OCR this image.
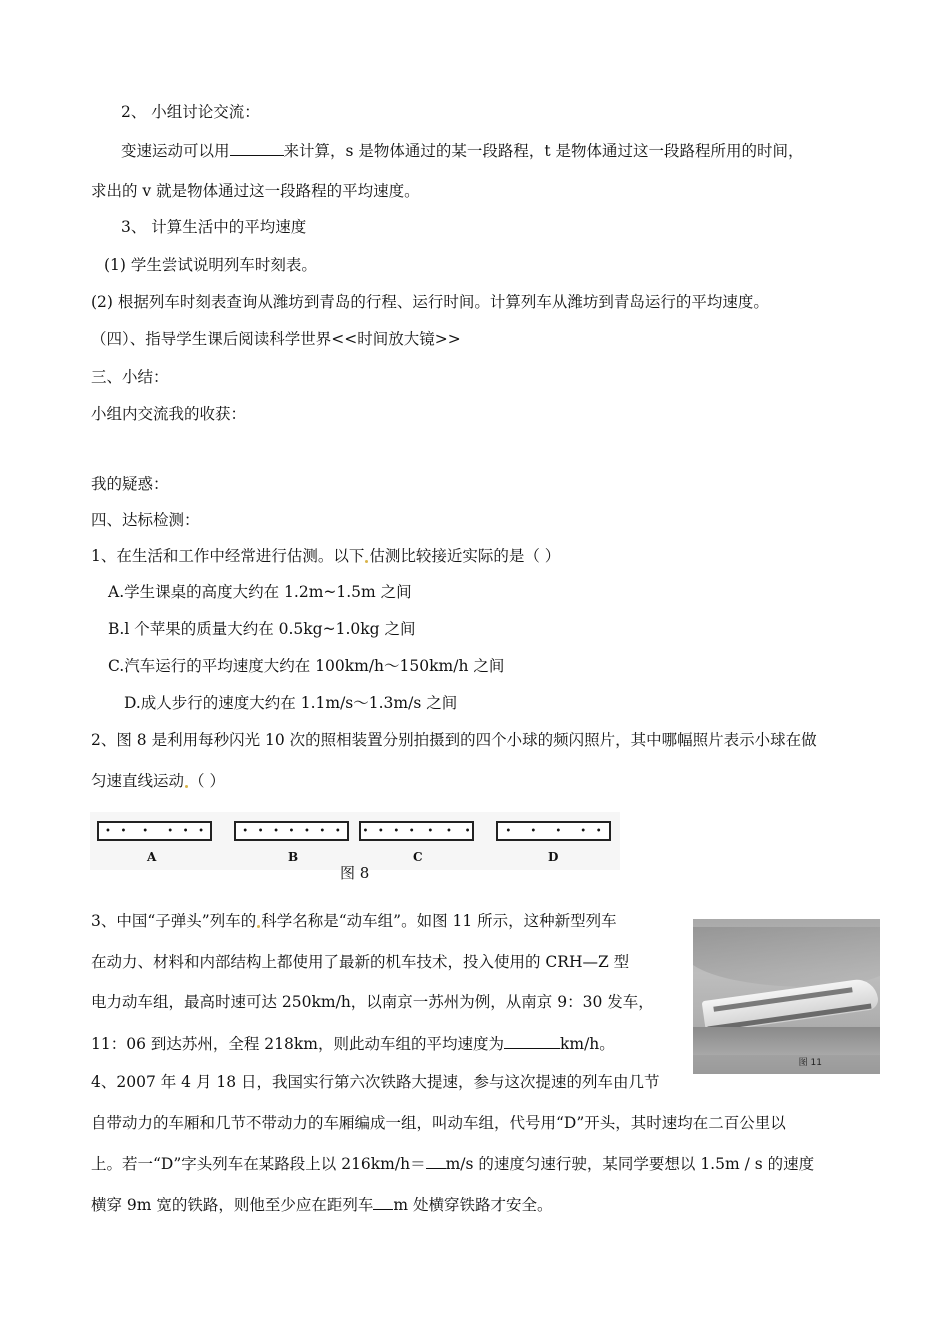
2、 小组讨论交流：
变速运动可以用	来计算，s 是物体通过的某一段路程，t 是物体通过这一段路程所用的时间，
求出的 v 就是物体通过这一段路程的平均速度。
3、 计算生活中的平均速度
(1) 学生尝试说明列车时刻表。
(2) 根据列车时刻表查询从潍坊到青岛的行程、运行时间。计算列车从潍坊到青岛运行的平均速度。
（四）、指导学生课后阅读科学世界<<时间放大镜>>
三、小结：
小组内交流我的收获：
我的疑惑：
四、达标检测：
1、在生活和工作中经常进行估测。以下 估测比较接近实际的是（ ）
A.学生课桌的高度大约在 1.2m~1.5m 之间
B.l 个苹果的质量大约在 0.5kg~1.0kg 之间
C.汽车运行的平均速度大约在 100km/h～150km/h 之间
D.成人步行的速度大约在 1.1m/s～1.3m/s 之间
2、图 8 是利用每秒闪光 10 次的照相装置分别拍摄到的四个小球的频闪照片，其中哪幅照片表示小球在做
匀速直线运动 （ ）
•   •     •      •   •   •	•   •   •   •   •   •   •	•   •   •   •    •    •    •	•      •      •      •   •
A	B	C	D
图 8
3、中国“子弹头”列车的 科学名称是“动车组”。如图 11 所示，这种新型列车
在动力、材料和内部结构上都使用了最新的机车技术，投入使用的 CRH—Z 型
电力动车组，最高时速可达 250km/h，以南京一苏州为例，从南京 9：30 发车，
11：06 到达苏州，全程 218km，则此动车组的平均速度为	km/h。
图 11
4、2007 年 4 月 18 日，我国实行第六次铁路大提速，参与这次提速的列车由几节
自带动力的车厢和几节不带动力的车厢编成一组，叫动车组，代号用“D”开头，其时速均在二百公里以
上。若一“D”字头列车在某路段上以 216km/h＝ m/s 的速度匀速行驶，某同学要想以 1.5m / s 的速度
横穿 9m 宽的铁路，则他至少应在距列车 m 处横穿铁路才安全。
